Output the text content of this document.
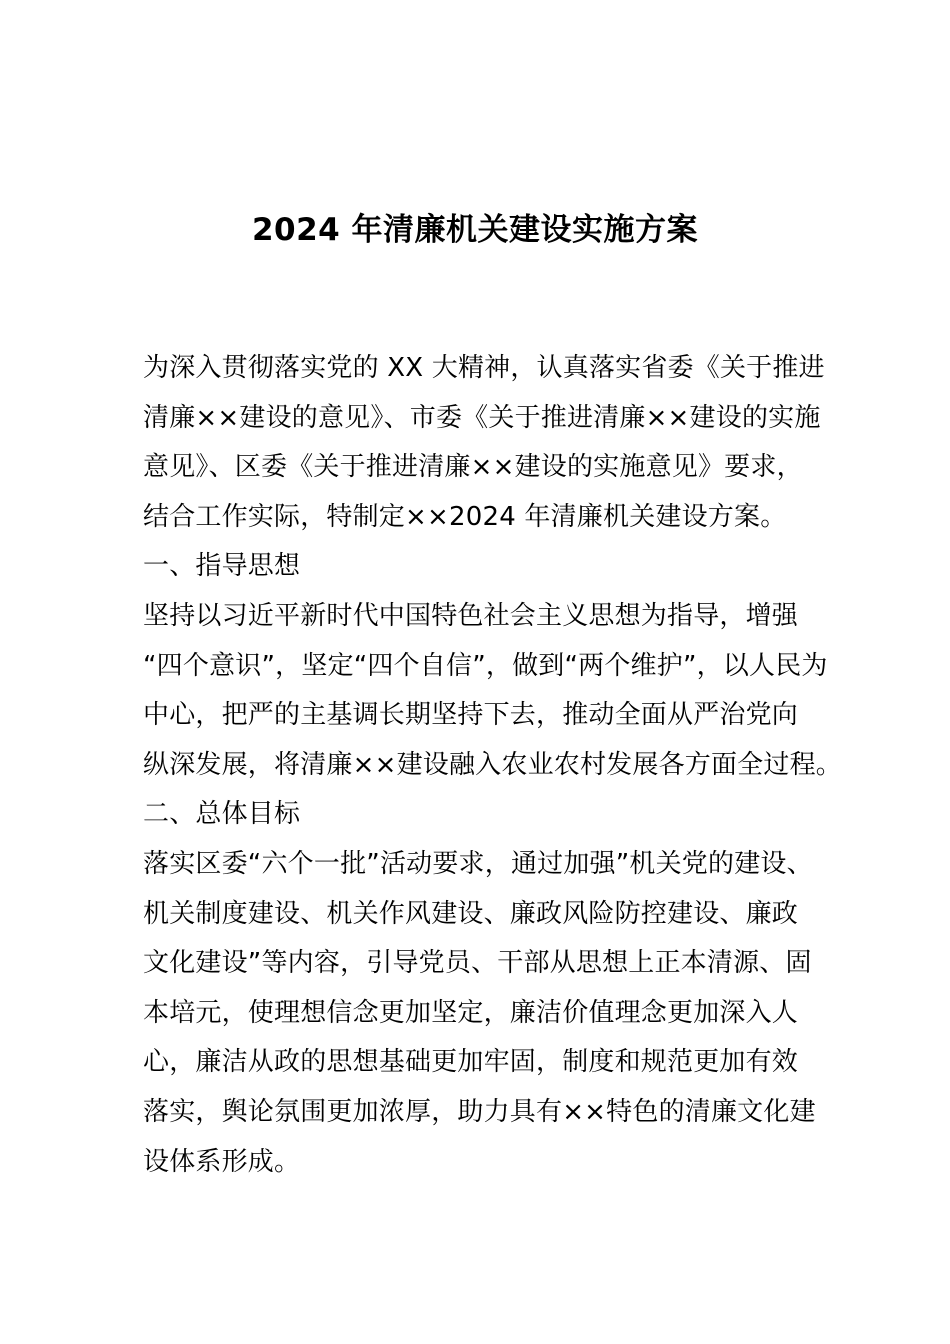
2024 年清廉机关建设实施方案
为深入贯彻落实党的 XX 大精神，认真落实省委《关于推进
清廉××建设的意见》、市委《关于推进清廉××建设的实施
意见》、区委《关于推进清廉××建设的实施意见》要求，
结合工作实际，特制定××2024 年清廉机关建设方案。
一、指导思想
坚持以习近平新时代中国特色社会主义思想为指导，增强
“四个意识”，坚定“四个自信”，做到“两个维护”，以人民为
中心，把严的主基调长期坚持下去，推动全面从严治党向
纵深发展，将清廉××建设融入农业农村发展各方面全过程。
二、总体目标
落实区委“六个一批”活动要求，通过加强”机关党的建设、
机关制度建设、机关作风建设、廉政风险防控建设、廉政
文化建设”等内容，引导党员、干部从思想上正本清源、固
本培元，使理想信念更加坚定，廉洁价值理念更加深入人
心，廉洁从政的思想基础更加牢固，制度和规范更加有效
落实，舆论氛围更加浓厚，助力具有××特色的清廉文化建
设体系形成。
